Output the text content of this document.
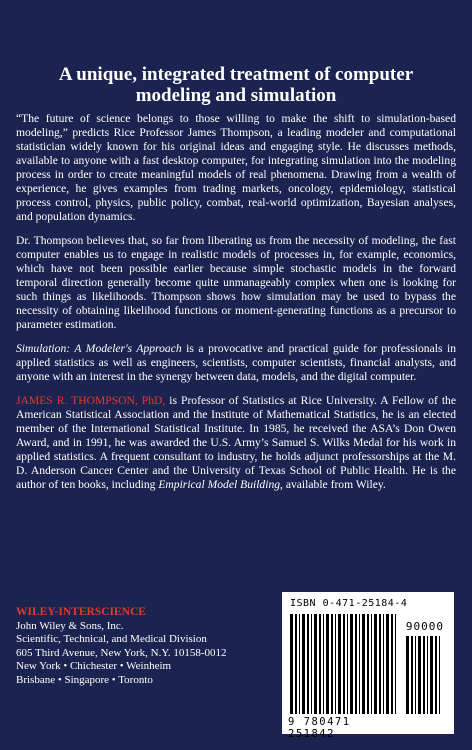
A unique, integrated treatment of computer
modeling and simulation

“The future of science belongs to those willing to make the shift to simulation-based modeling,” predicts Rice Professor James Thompson, a leading modeler and computational statistician widely known for his original ideas and engaging style. He discusses methods, available to anyone with a fast desktop computer, for integrating simulation into the modeling process in order to create meaningful models of real phenomena. Drawing from a wealth of experience, he gives examples from trading markets, oncology, epidemiology, statistical process control, physics, public policy, combat, real-world optimization, Bayesian analyses, and population dynamics.

Dr. Thompson believes that, so far from liberating us from the necessity of modeling, the fast computer enables us to engage in realistic models of processes in, for example, economics, which have not been possible earlier because simple stochastic models in the forward temporal direction generally become quite unmanageably complex when one is looking for such things as likelihoods. Thompson shows how simulation may be used to bypass the necessity of obtaining likelihood functions or moment-generating functions as a precursor to parameter estimation.

Simulation: A Modeler's Approach is a provocative and practical guide for professionals in applied statistics as well as engineers, scientists, computer scientists, financial analysts, and anyone with an interest in the synergy between data, models, and the digital computer.

JAMES R. THOMPSON, PhD, is Professor of Statistics at Rice University. A Fellow of the American Statistical Association and the Institute of Mathematical Statistics, he is an elected member of the International Statistical Institute. In 1985, he received the ASA’s Don Owen Award, and in 1991, he was awarded the U.S. Army’s Samuel S. Wilks Medal for his work in applied statistics. A frequent consultant to industry, he holds adjunct professorships at the M. D. Anderson Cancer Center and the University of Texas School of Public Health. He is the author of ten books, including Empirical Model Building, available from Wiley.

WILEY-INTERSCIENCE
John Wiley & Sons, Inc.
Scientific, Technical, and Medical Division
605 Third Avenue, New York, N.Y. 10158-0012
New York • Chichester • Weinheim
Brisbane • Singapore • Toronto
ISBN 0-471-25184-4
90000
9 780471 251842
